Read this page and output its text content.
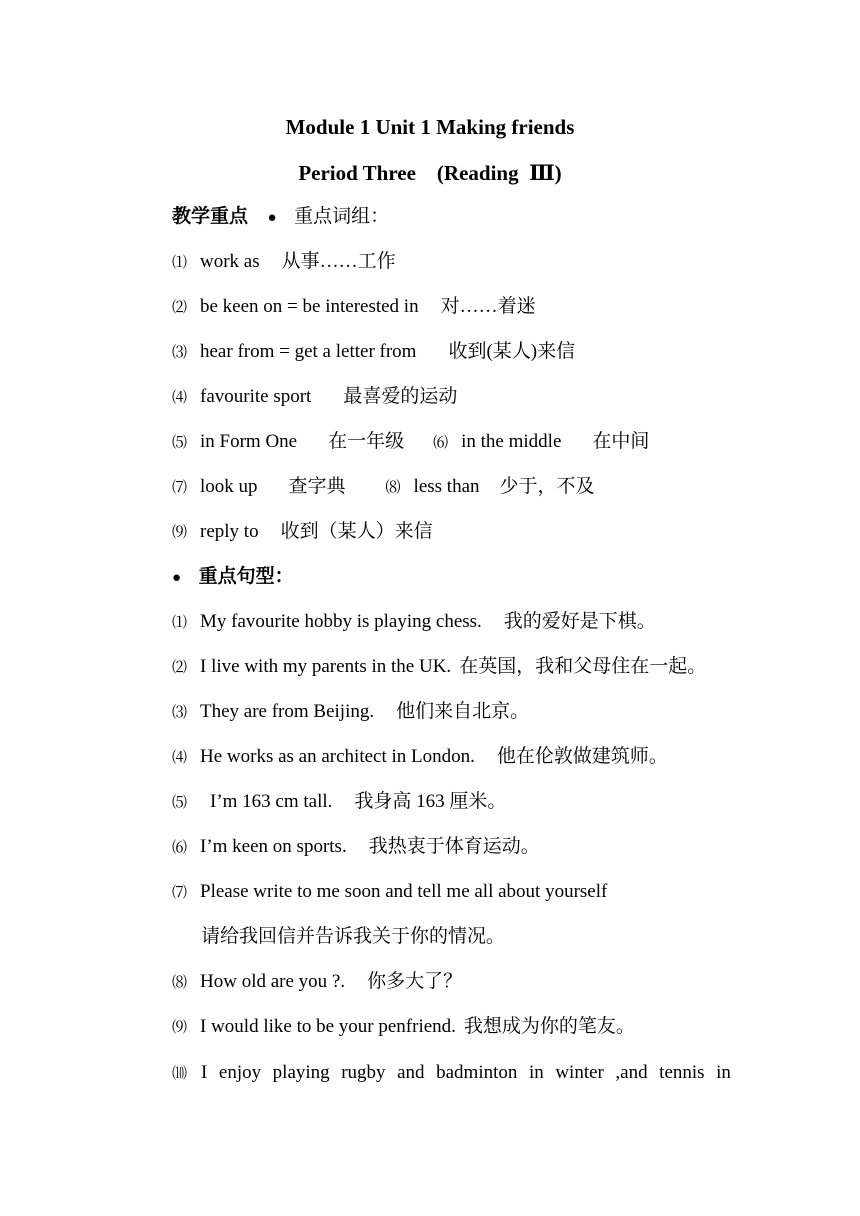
Module 1 Unit 1 Making friends
Period Three    (Reading  Ⅲ)
教学重点 ● 重点词组：
⑴ work as 从事……工作
⑵ be keen on = be interested in 对……着迷
⑶ hear from = get a letter from 收到(某人)来信
⑷ favourite sport 最喜爱的运动
⑸ in Form One 在一年级 ⑹ in the middle 在中间
⑺ look up 查字典	⑻ less than 少于，不及
⑼ reply to 收到（某人）来信
● 重点句型：
⑴ My favourite hobby is playing chess. 我的爱好是下棋。
⑵ I live with my parents in the UK. 在英国，我和父母住在一起。
⑶ They are from Beijing. 他们来自北京。
⑷ He works as an architect in London. 他在伦敦做建筑师。
⑸ I’m 163 cm tall. 我身高 163 厘米。
⑹ I’m keen on sports. 我热衷于体育运动。
⑺ Please write to me soon and tell me all about yourself
请给我回信并告诉我关于你的情况。
⑻ How old are you ?. 你多大了？
⑼ I would like to be your penfriend. 我想成为你的笔友。
⑽ I enjoy playing rugby and badminton in winter ,and tennis in
